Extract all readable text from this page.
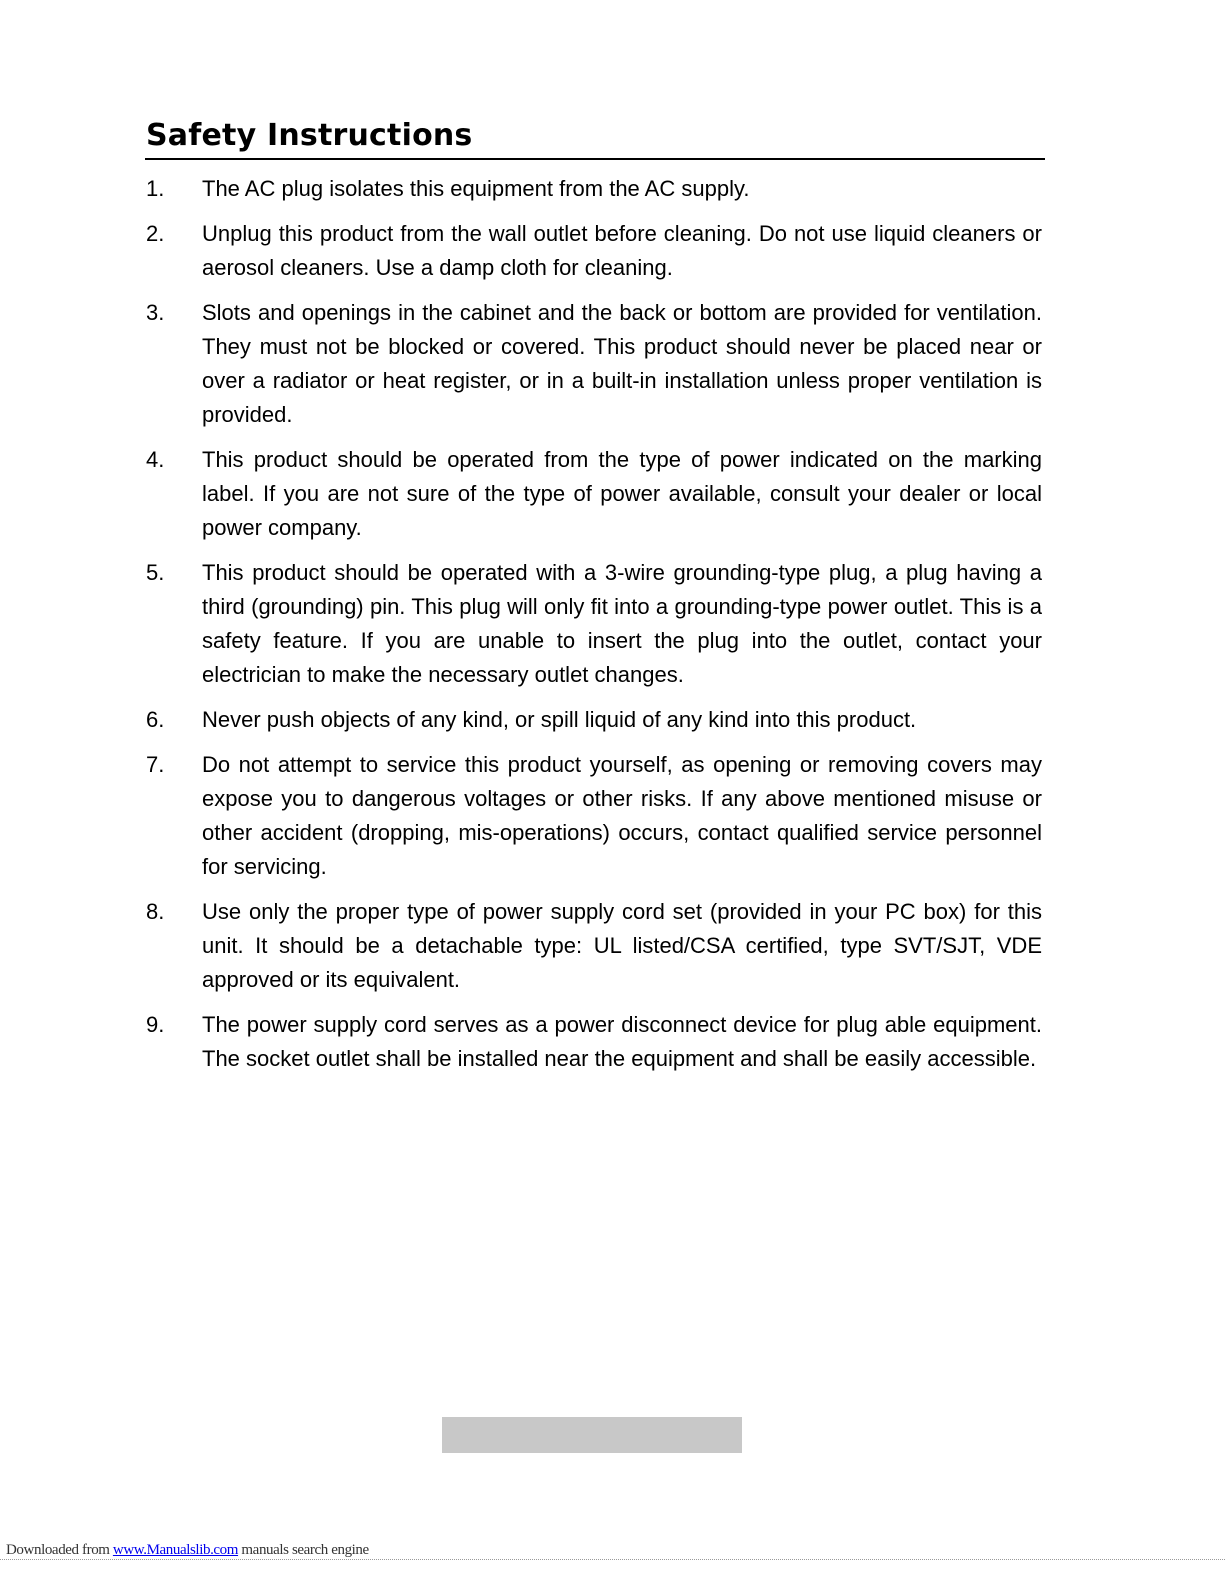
Safety Instructions
1. The AC plug isolates this equipment from the AC supply.
2. Unplug this product from the wall outlet before cleaning. Do not use liquid cleaners or aerosol cleaners. Use a damp cloth for cleaning.
3. Slots and openings in the cabinet and the back or bottom are provided for ventilation. They must not be blocked or covered. This product should never be placed near or over a radiator or heat register, or in a built-in installation unless proper ventilation is provided.
4. This product should be operated from the type of power indicated on the marking label. If you are not sure of the type of power available, consult your dealer or local power company.
5. This product should be operated with a 3-wire grounding-type plug, a plug having a third (grounding) pin. This plug will only fit into a grounding-type power outlet. This is a safety feature. If you are unable to insert the plug into the outlet, contact your electrician to make the necessary outlet changes.
6. Never push objects of any kind, or spill liquid of any kind into this product.
7. Do not attempt to service this product yourself, as opening or removing covers may expose you to dangerous voltages or other risks. If any above mentioned misuse or other accident (dropping, mis-operations) occurs, contact qualified service personnel for servicing.
8. Use only the proper type of power supply cord set (provided in your PC box) for this unit. It should be a detachable type: UL listed/CSA certified, type SVT/SJT, VDE approved or its equivalent.
9. The power supply cord serves as a power disconnect device for plug able equipment. The socket outlet shall be installed near the equipment and shall be easily accessible.
Downloaded from www.Manualslib.com manuals search engine
